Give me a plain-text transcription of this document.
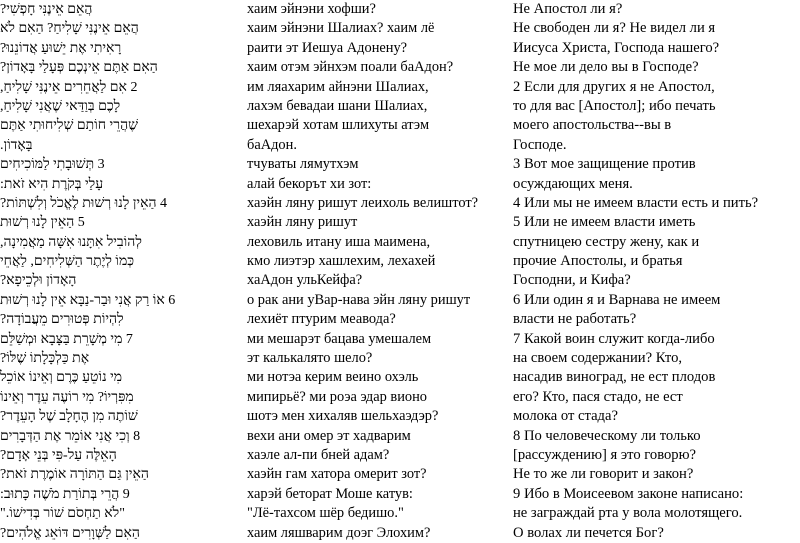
הֲאֵם אֵינֶנִּי חָפְשִׁי?
הֲאֵם אֵינֶנִּי שָׁלִיחַ? הַאִם לֹא
רָאִיתִי אֶת יֵשׁוּעַ אֲדוֹנֵנוּ?
הַאִם אַתֶּם אֵינְכֶם פְּעָלַי בָּאָדוֹן?
2 אִם לַאֲחֵרִים אֵינֶנִּי שָׁלִיחַ,
לָכֶם בְּוַדַּאי שֶׁאֲנִי שָׁלִיחַ,
שֶׁהֲרֵי חוֹתַם שְׁלִיחוּתִי אַתֶּם
בָּאָדוֹן.
3 תְּשׁוּבָתִי לַמּוֹכִיחִים
עָלַי בְּקֹרֶת הִיא זֹאת:
4 הַאֵין לָנוּ רְשׁוּת לֶאֱכֹל וְלִשְׁתּוֹת?
5 הַאֵין לָנוּ רְשׁוּת
לְהוֹבִיל אִתָּנוּ אִשָּׁה מַאֲמִינָה,
כְּמוֹ לְיֶתֶר הַשְּׁלִיחִים, לַאֲחֵי
הָאָדוֹן וּלְכֵיפָא?
6 אוֹ רַק אֲנִי וּבַר-נַבָּא אֵין לָנוּ רְשׁוּת
לִהְיוֹת פְּטוּרִים מֵעֲבוֹדָה?
7 מִי מְשָׁרֵת בַּצָּבָא וּמְשַׁלֵּם
אֶת כַּלְכָּלָתוֹ שֶׁלּוֹ?
מִי נוֹטֵעַ כֶּרֶם וְאֵינוֹ אוֹכֵל
מִפִּרְיוֹ? מִי רוֹעֶה עֵדֶר וְאֵינוֹ
שׁוֹתֶה מִן הֶחָלָב שֶׁל הָעֵדֶר?
8 וְכִי אֲנִי אוֹמֵר אֶת הַדְּבָרִים
הָאֵלֶּה עַל-פִּי בְּנֵי אָדָם?
הַאֵין גַּם הַתּוֹרָה אוֹמֶרֶת זֹאת?
9 הֲרֵי בְּתוֹרַת מֹשֶׁה כָּתוּב:
"לֹא תַחְסֹם שׁוֹר בְּדִישׁוֹ."
הַאִם לַשְּׁוָרִים דּוֹאֵג אֱלֹהִים?
хаим эйнэни хофши?
хаим эйнэни Шалиах? хаим лё
раити эт Иешуа Адонену?
хаим отэм эйнхэм поали баАдон?
им ляахарим айнэни Шалиах,
лахэм бевадаи шани Шалиах,
шехарэй хотам шлихуты атэм
баАдон.
тчуваты лямутхэм
алай бекорът хи зот:
хаэйн ляну ришут леихоль велиштот?
хаэйн ляну ришут
леховиль итану иша маимена,
кмо лиэтэр хашлехим, лехахей
хаАдон ульКейфа?
о рак ани уВар-нава эйн ляну ришут
лехиёт птурим меавода?
ми мешарэт бацава умешалем
эт калькалято шело?
ми нотэа керим веино охэль
мипирьё? ми роэа эдар вионо
шотэ мен хихаляв шельхаэдэр?
вехи ани омер эт хадварим
хаэле ал-пи бней адам?
хаэйн гам хатора омерит зот?
харэй беторат Моше катув:
"Лё-тахсом шёр бедишо."
хаим ляшварим доэг Элохим?
Не Апостол ли я?
Не свободен ли я? Не видел ли я
Иисуса Христа, Господа нашего?
Не мое ли дело вы в Господе?
2 Если для других я не Апостол,
то для вас [Апостол]; ибо печать
моего апостольства--вы в
Господе.
3 Вот мое защищение против
осуждающих меня.
4 Или мы не имеем власти есть и пить?
5 Или не имеем власти иметь
спутницею сестру жену, как и
прочие Апостолы, и братья
Господни, и Кифа?
6 Или один я и Варнава не имеем
власти не работать?
7 Какой воин служит когда-либо
на своем содержании? Кто,
насадив виноград, не ест плодов
его? Кто, пася стадо, не ест
молока от стада?
8 По человеческому ли только
[рассуждению] я это говорю?
Не то же ли говорит и закон?
9 Ибо в Моисеевом законе написано:
не заграждай рта у вола молотящего.
О волах ли печется Бог?
